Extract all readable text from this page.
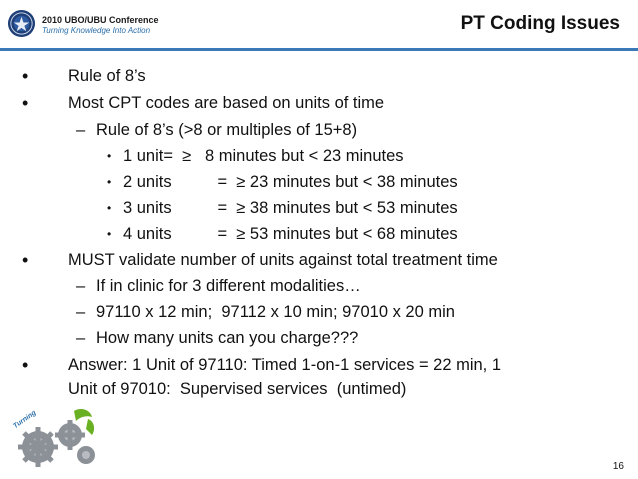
2010 UBO/UBU Conference
Turning Knowledge Into Action	PT Coding Issues
• Rule of 8’s
• Most CPT codes are based on units of time
– Rule of 8’s (>8 or multiples of 15+8)
• 1 unit=  ≥   8 minutes but < 23 minutes
• 2 units          =  ≥ 23 minutes but < 38 minutes
• 3 units          =  ≥ 38 minutes but < 53 minutes
• 4 units          =  ≥ 53 minutes but < 68 minutes
• MUST validate number of units against total treatment time
– If in clinic for 3 different modalities…
– 97110 x 12 min;  97112 x 10 min; 97010 x 20 min
– How many units can you charge???
• Answer: 1 Unit of 97110: Timed 1-on-1 services = 22 min, 1
Unit of 97010:  Supervised services  (untimed)
Turning
16
